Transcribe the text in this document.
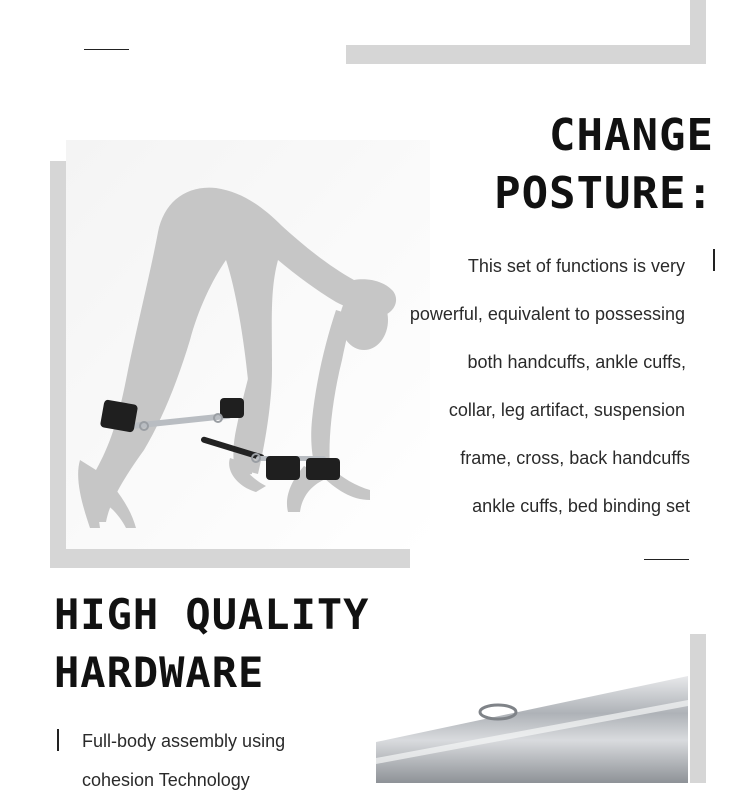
CHANGE
POSTURE:
This set of functions is very
powerful, equivalent to possessing
both handcuffs, ankle cuffs,
collar, leg artifact, suspension
frame, cross, back handcuffs
ankle cuffs, bed binding set
HIGH QUALITY
HARDWARE
Full-body assembly using
cohesion Technology
